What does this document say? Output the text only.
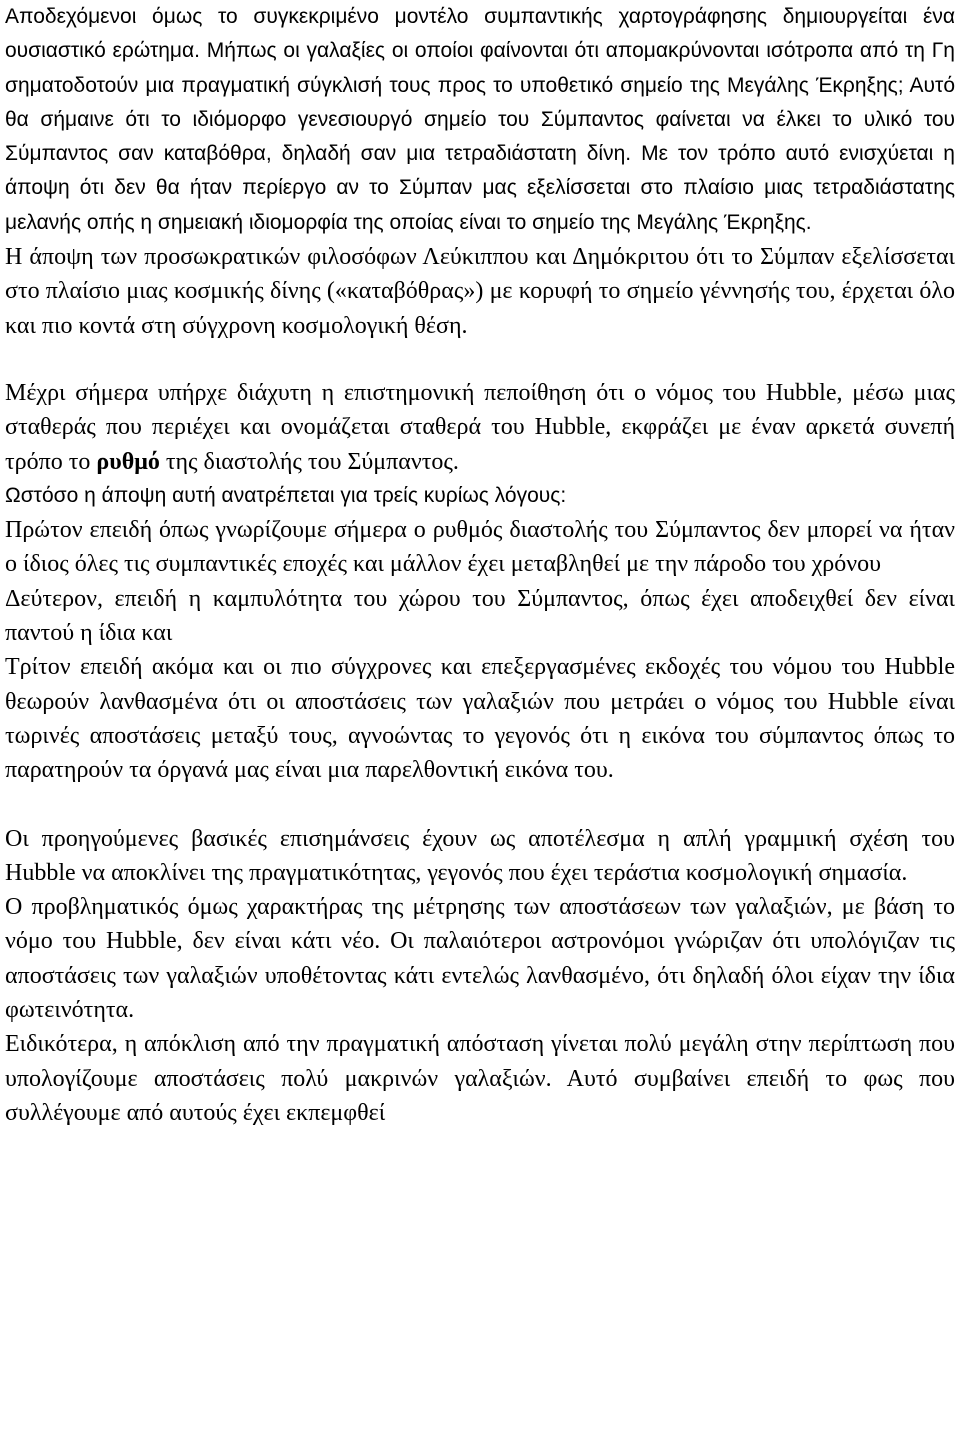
Αποδεχόμενοι όμως το συγκεκριμένο μοντέλο συμπαντικής χαρτογράφησης δημιουργείται ένα ουσιαστικό ερώτημα. Μήπως οι γαλαξίες οι οποίοι φαίνονται ότι απομακρύνονται ισότροπα από τη Γη σηματοδοτούν μια πραγματική σύγκλισή τους προς το υποθετικό σημείο της Μεγάλης Έκρηξης; Αυτό θα σήμαινε ότι το ιδιόμορφο γενεσιουργό σημείο του Σύμπαντος φαίνεται να έλκει το υλικό του Σύμπαντος σαν καταβόθρα, δηλαδή σαν μια τετραδιάστατη δίνη. Με τον τρόπο αυτό ενισχύεται η άποψη ότι δεν θα ήταν περίεργο αν το Σύμπαν μας εξελίσσεται στο πλαίσιο μιας τετραδιάστατης μελανής οπής η σημειακή ιδιομορφία της οποίας είναι το σημείο της Μεγάλης Έκρηξης.

Η άποψη των προσωκρατικών φιλοσόφων Λεύκιππου και Δημόκριτου ότι το Σύμπαν εξελίσσεται στο πλαίσιο μιας κοσμικής δίνης («καταβόθρας») με κορυφή το σημείο γέννησής του, έρχεται όλο και πιο κοντά στη σύγχρονη κοσμολογική θέση.

Μέχρι σήμερα υπήρχε διάχυτη η επιστημονική πεποίθηση ότι ο νόμος του Hubble, μέσω μιας σταθεράς που περιέχει και ονομάζεται σταθερά του Hubble, εκφράζει με έναν αρκετά συνεπή τρόπο το ρυθμό της διαστολής του Σύμπαντος.

Ωστόσο η άποψη αυτή ανατρέπεται για τρείς κυρίως λόγους:

Πρώτον επειδή όπως γνωρίζουμε σήμερα ο ρυθμός διαστολής του Σύμπαντος δεν μπορεί να ήταν ο ίδιος όλες τις συμπαντικές εποχές και μάλλον έχει μεταβληθεί με την πάροδο του χρόνου

Δεύτερον, επειδή η καμπυλότητα του χώρου του Σύμπαντος, όπως έχει αποδειχθεί δεν είναι παντού η ίδια και

Τρίτον επειδή ακόμα και οι πιο σύγχρονες και επεξεργασμένες εκδοχές του νόμου του Hubble θεωρούν λανθασμένα ότι οι αποστάσεις των γαλαξιών που μετράει ο νόμος του Hubble είναι τωρινές αποστάσεις μεταξύ τους, αγνοώντας το γεγονός ότι η εικόνα του σύμπαντος όπως το παρατηρούν τα όργανά μας είναι μια παρελθοντική εικόνα του.

Οι προηγούμενες βασικές επισημάνσεις έχουν ως αποτέλεσμα η απλή γραμμική σχέση του Hubble να αποκλίνει της πραγματικότητας, γεγονός που έχει τεράστια κοσμολογική σημασία.

Ο προβληματικός όμως χαρακτήρας της μέτρησης των αποστάσεων των γαλαξιών, με βάση το νόμο του Hubble, δεν είναι κάτι νέο. Οι παλαιότεροι αστρονόμοι γνώριζαν ότι υπολόγιζαν τις αποστάσεις των γαλαξιών υποθέτοντας κάτι εντελώς λανθασμένο, ότι δηλαδή όλοι είχαν την ίδια φωτεινότητα.

Ειδικότερα, η απόκλιση από την πραγματική απόσταση γίνεται πολύ μεγάλη στην περίπτωση που υπολογίζουμε αποστάσεις πολύ μακρινών γαλαξιών. Αυτό συμβαίνει επειδή το φως που συλλέγουμε από αυτούς έχει εκπεμφθεί
